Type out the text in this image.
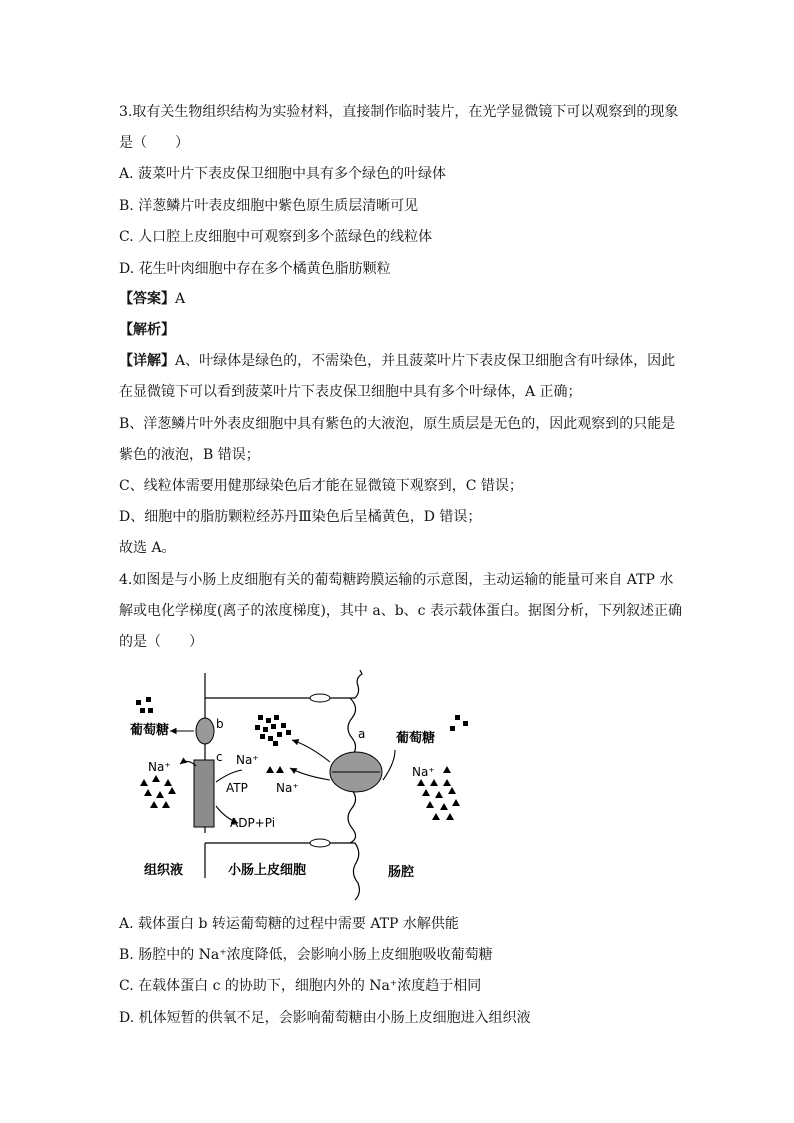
3.取有关生物组织结构为实验材料，直接制作临时装片，在光学显微镜下可以观察到的现象
是（　　）
A. 菠菜叶片下表皮保卫细胞中具有多个绿色的叶绿体
B. 洋葱鳞片叶表皮细胞中紫色原生质层清晰可见
C. 人口腔上皮细胞中可观察到多个蓝绿色的线粒体
D. 花生叶肉细胞中存在多个橘黄色脂肪颗粒
【答案】A
【解析】
【详解】A、叶绿体是绿色的，不需染色，并且菠菜叶片下表皮保卫细胞含有叶绿体，因此
在显微镜下可以看到菠菜叶片下表皮保卫细胞中具有多个叶绿体，A 正确；
B、洋葱鳞片叶外表皮细胞中具有紫色的大液泡，原生质层是无色的，因此观察到的只能是
紫色的液泡，B 错误；
C、线粒体需要用健那绿染色后才能在显微镜下观察到，C 错误；
D、细胞中的脂肪颗粒经苏丹Ⅲ染色后呈橘黄色，D 错误；
故选 A。
4.如图是与小肠上皮细胞有关的葡萄糖跨膜运输的示意图，主动运输的能量可来自 ATP 水
解或电化学梯度(离子的浓度梯度)，其中 a、b、c 表示载体蛋白。据图分析，下列叙述正确
的是（　　）
b
c
a
葡萄糖
葡萄糖
Na⁺	Na⁺
Na⁺
Na⁺
ATP
ADP+Pi
组织液	小肠上皮细胞	肠腔
A. 载体蛋白 b 转运葡萄糖的过程中需要 ATP 水解供能
B. 肠腔中的 Na⁺浓度降低，会影响小肠上皮细胞吸收葡萄糖
C. 在载体蛋白 c 的协助下，细胞内外的 Na⁺浓度趋于相同
D. 机体短暂的供氧不足，会影响葡萄糖由小肠上皮细胞进入组织液
